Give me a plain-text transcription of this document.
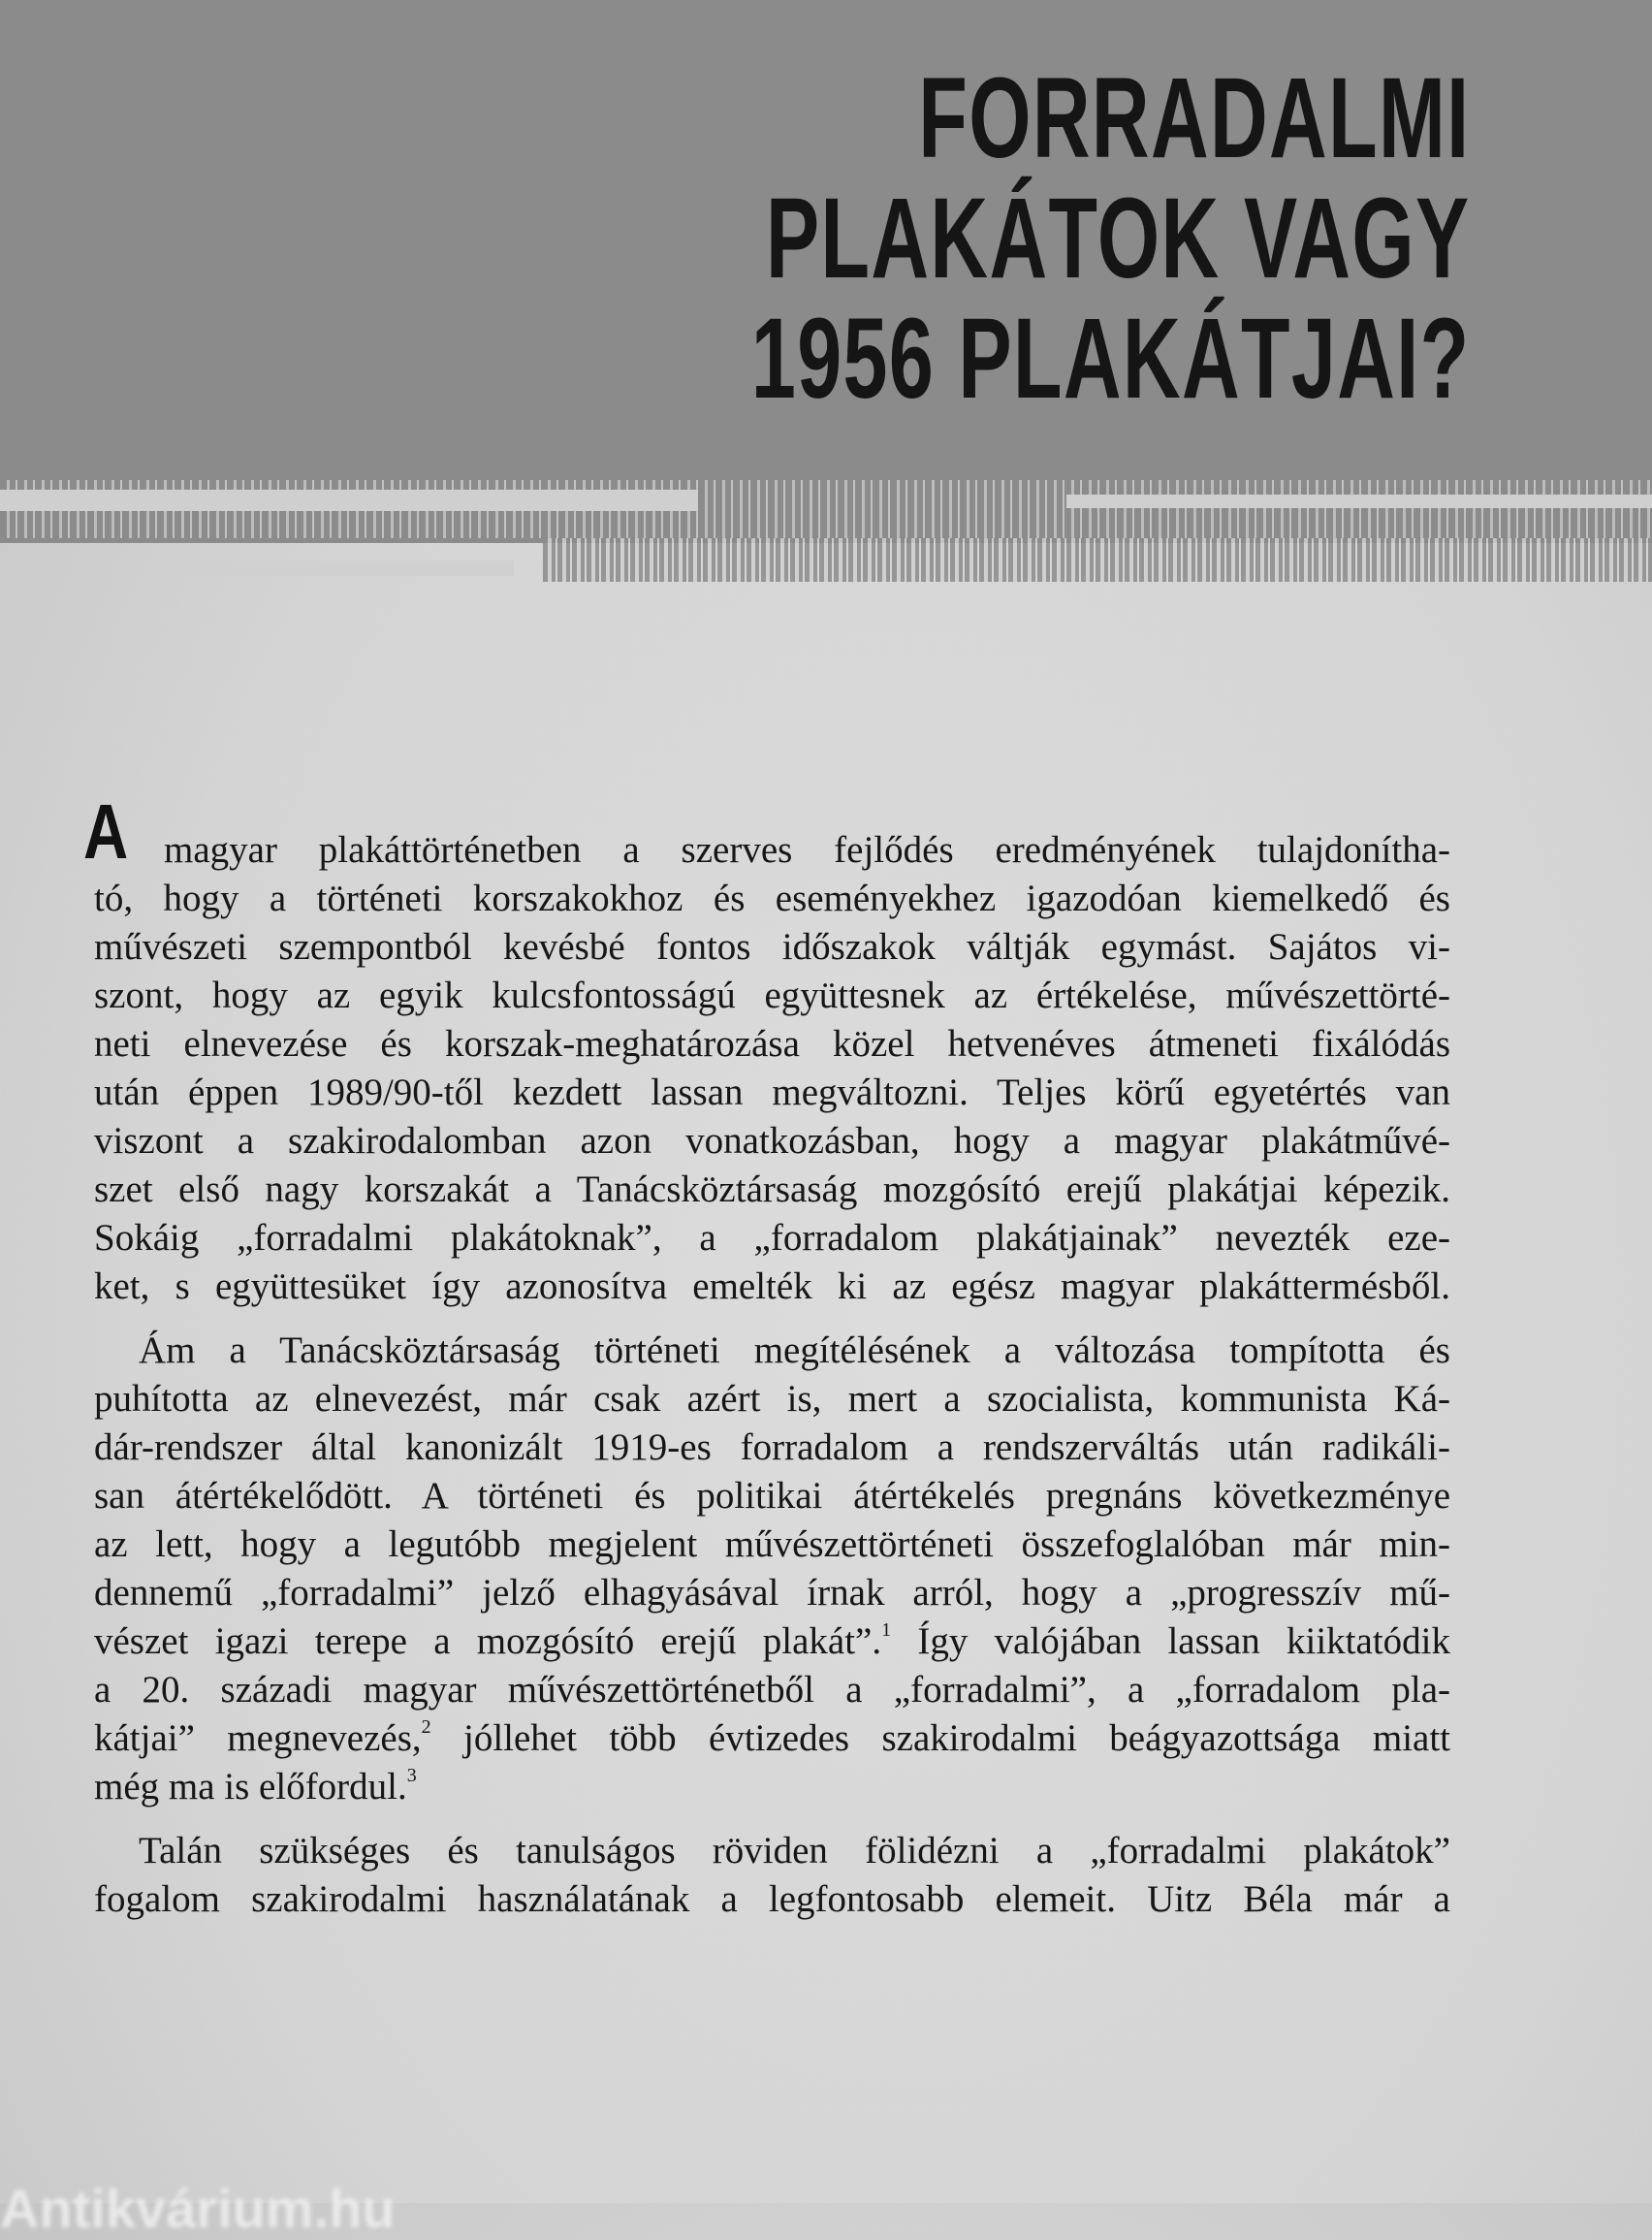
FORRADALMI
PLAKÁTOK VAGY
1956 PLAKÁTJAI?
A magyar plakáttörténetben a szerves fejlődés eredményének tulajdonítha-
tó, hogy a történeti korszakokhoz és eseményekhez igazodóan kiemelkedő és
művészeti szempontból kevésbé fontos időszakok váltják egymást. Sajátos vi-
szont, hogy az egyik kulcsfontosságú együttesnek az értékelése, művészettörté-
neti elnevezése és korszak-meghatározása közel hetvenéves átmeneti fixálódás
után éppen 1989/90-től kezdett lassan megváltozni. Teljes körű egyetértés van
viszont a szakirodalomban azon vonatkozásban, hogy a magyar plakátművé-
szet első nagy korszakát a Tanácsköztársaság mozgósító erejű plakátjai képezik.
Sokáig „forradalmi plakátoknak”, a „forradalom plakátjainak” nevezték eze-
ket, s együttesüket így azonosítva emelték ki az egész magyar plakáttermésből.
Ám a Tanácsköztársaság történeti megítélésének a változása tompította és
puhította az elnevezést, már csak azért is, mert a szocialista, kommunista Ká-
dár-rendszer által kanonizált 1919-es forradalom a rendszerváltás után radikáli-
san átértékelődött. A történeti és politikai átértékelés pregnáns következménye
az lett, hogy a legutóbb megjelent művészettörténeti összefoglalóban már min-
dennemű „forradalmi” jelző elhagyásával írnak arról, hogy a „progresszív mű-
vészet igazi terepe a mozgósító erejű plakát”.$^1$ Így valójában lassan kiiktatódik
a 20. századi magyar művészettörténetből a „forradalmi”, a „forradalom pla-
kátjai” megnevezés,$^2$ jóllehet több évtizedes szakirodalmi beágyazottsága miatt
még ma is előfordul.$^3$
Talán szükséges és tanulságos röviden fölidézni a „forradalmi plakátok”
fogalom szakirodalmi használatának a legfontosabb elemeit. Uitz Béla már a
Antikvárium.hu
